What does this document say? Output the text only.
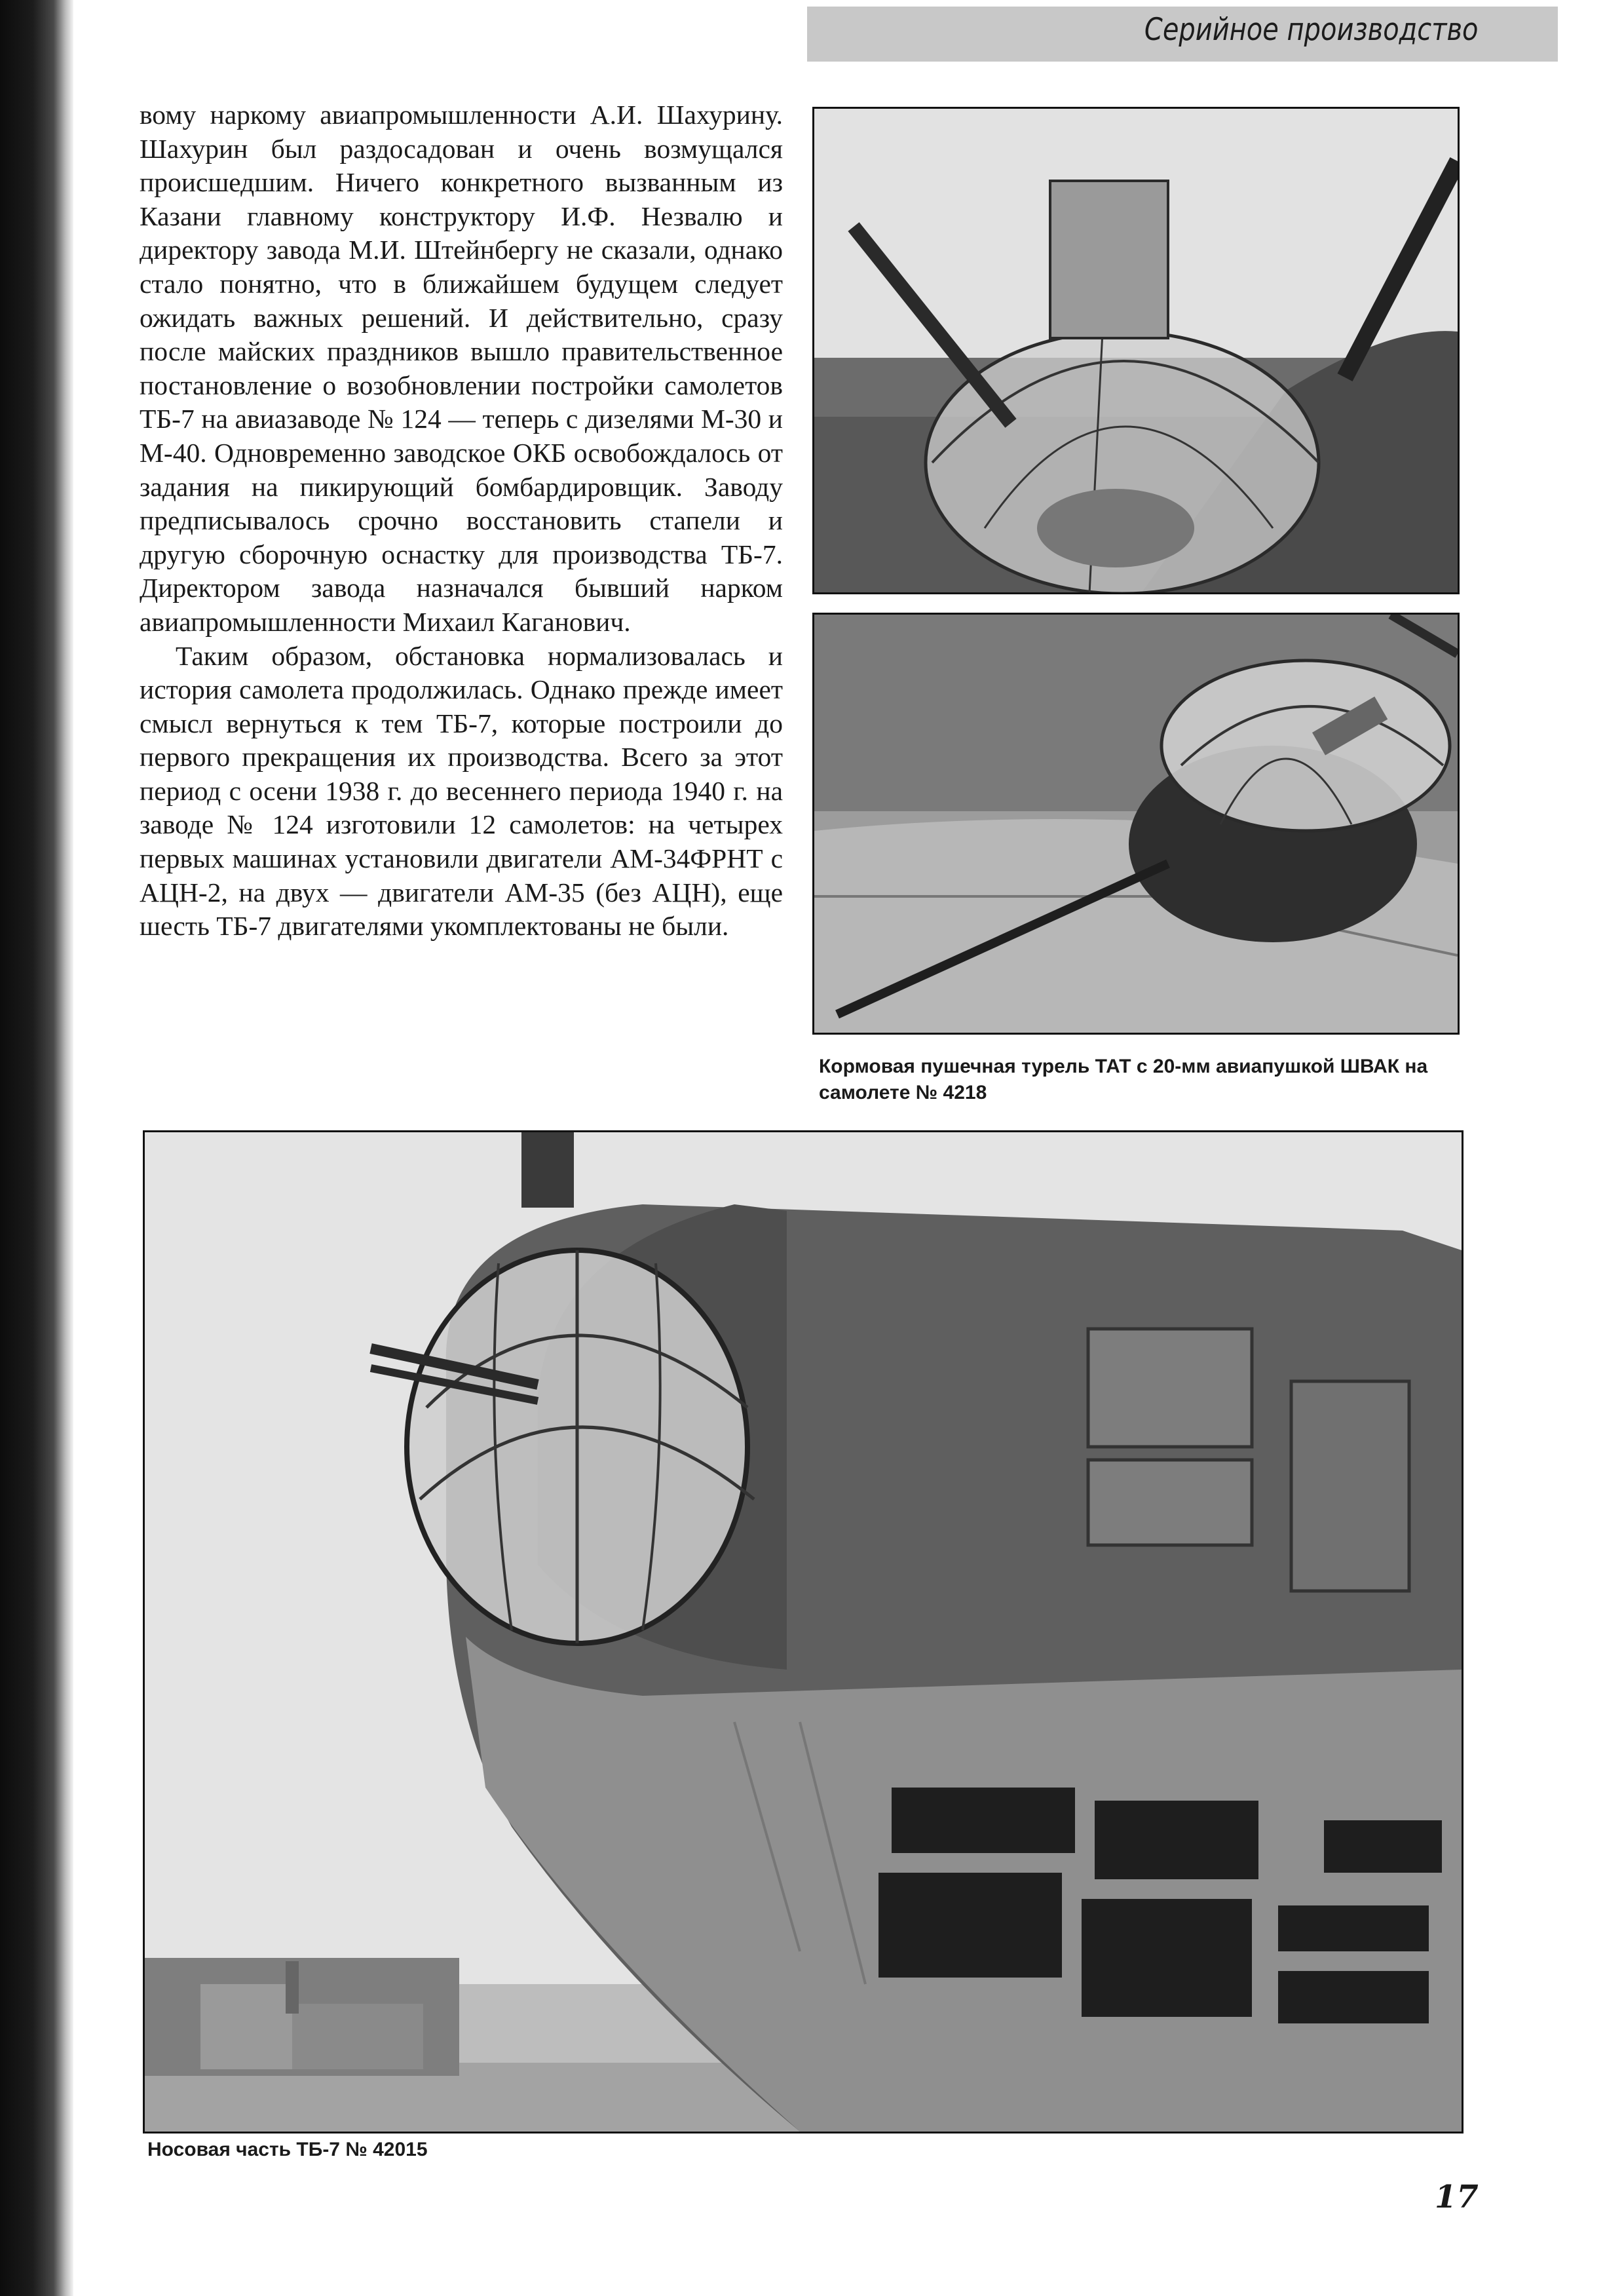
Серийное производство

вому наркому авиапромышленности А.И. Шахурину. Шахурин был раздосадован и очень возмущался происшедшим. Ничего конкретного вызванным из Казани главному конструктору И.Ф. Незвалю и директору завода М.И. Штейнбергу не сказали, однако стало понятно, что в ближайшем будущем следует ожидать важных решений. И действительно, сразу после майских праздников вышло правительственное постановление о возобновлении постройки самолетов ТБ-7 на авиазаводе № 124 — теперь с дизелями М-30 и М-40. Одновременно заводское ОКБ освобождалось от задания на пикирующий бомбардировщик. Заводу предписывалось срочно восстановить стапели и другую сборочную оснастку для производства ТБ-7. Директором завода назначался бывший нарком авиапромышленности Михаил Каганович.

Таким образом, обстановка нормализовалась и история самолета продолжилась. Однако прежде имеет смысл вернуться к тем ТБ-7, которые построили до первого прекращения их производства. Всего за этот период с осени 1938 г. до весеннего периода 1940 г. на заводе № 124 изготовили 12 самолетов: на четырех первых машинах установили двигатели АМ-34ФРНТ с АЦН-2, на двух — двигатели АМ-35 (без АЦН), еще шесть ТБ-7 двигателями укомплектованы не были.

Кормовая пушечная турель ТАТ с 20-мм авиапушкой ШВАК на самолете № 4218
Носовая часть ТБ-7 № 42015
17
